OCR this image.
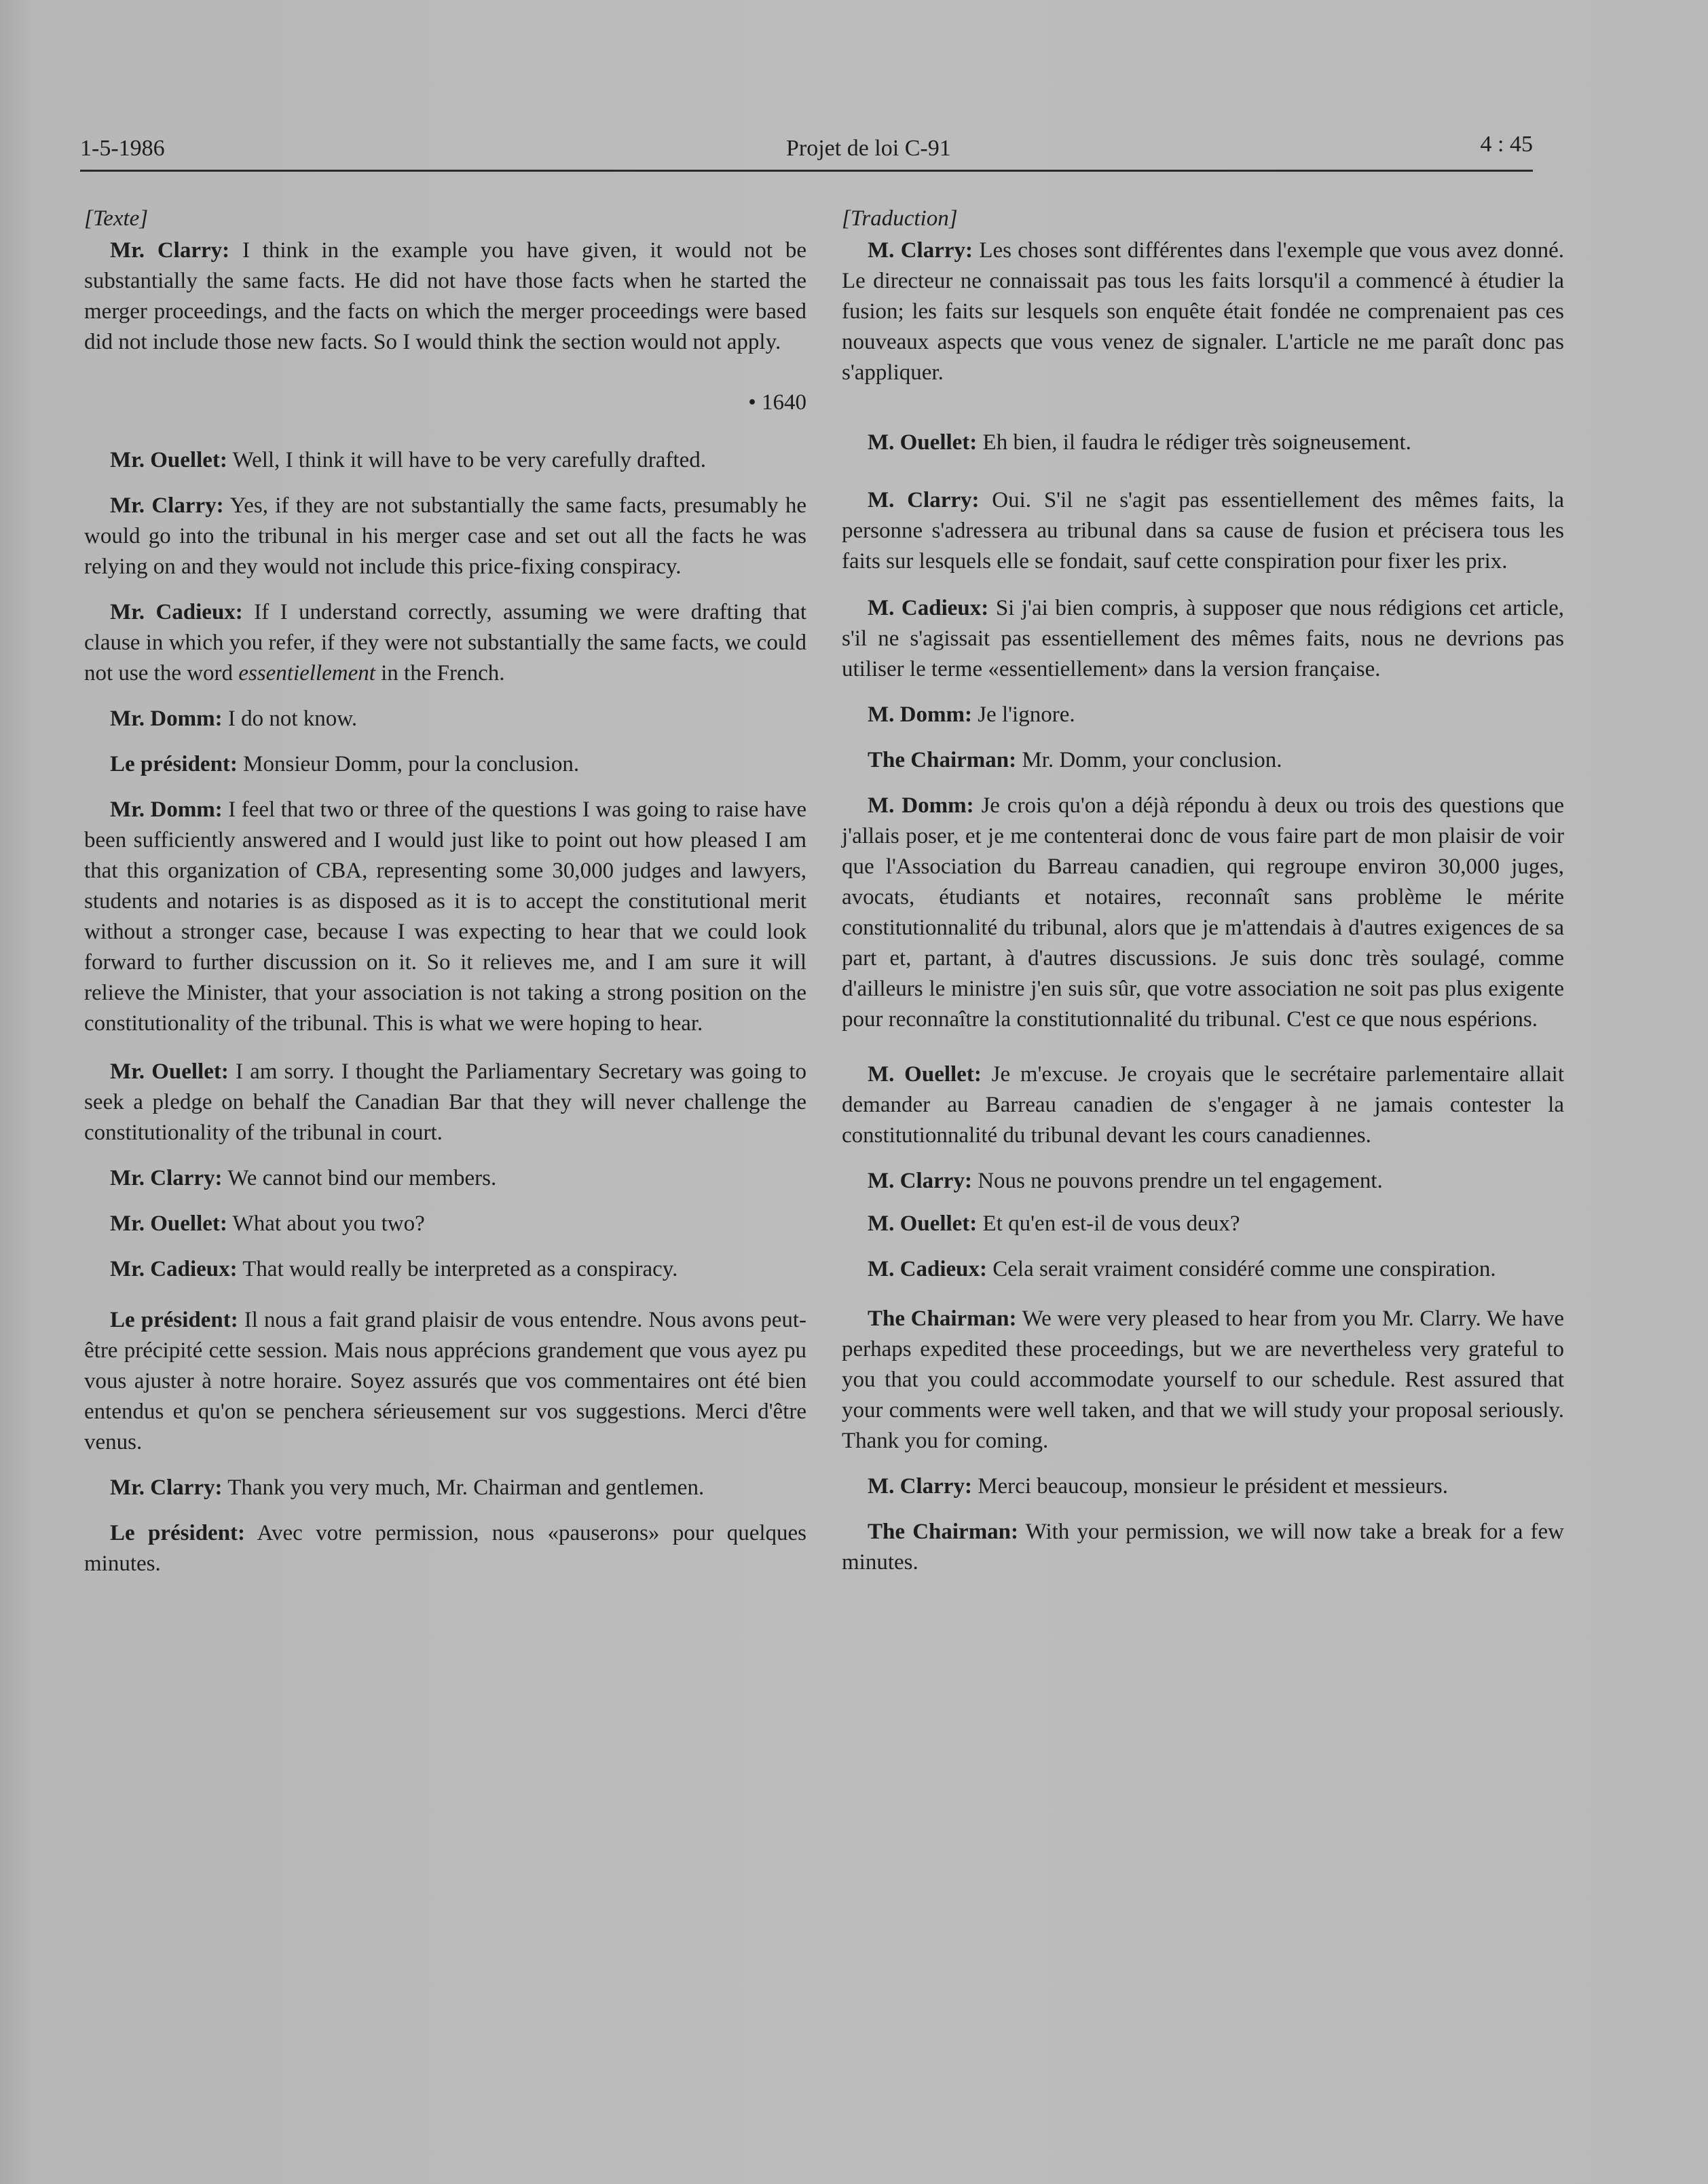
1-5-1986	Projet de loi C-91	4 : 45
[Texte]

Mr. Clarry: I think in the example you have given, it would not be substantially the same facts. He did not have those facts when he started the merger proceedings, and the facts on which the merger proceedings were based did not include those new facts. So I would think the section would not apply.

• 1640

Mr. Ouellet: Well, I think it will have to be very carefully drafted.

Mr. Clarry: Yes, if they are not substantially the same facts, presumably he would go into the tribunal in his merger case and set out all the facts he was relying on and they would not include this price-fixing conspiracy.

Mr. Cadieux: If I understand correctly, assuming we were drafting that clause in which you refer, if they were not substantially the same facts, we could not use the word essentiellement in the French.

Mr. Domm: I do not know.

Le président: Monsieur Domm, pour la conclusion.

Mr. Domm: I feel that two or three of the questions I was going to raise have been sufficiently answered and I would just like to point out how pleased I am that this organization of CBA, representing some 30,000 judges and lawyers, students and notaries is as disposed as it is to accept the constitutional merit without a stronger case, because I was expecting to hear that we could look forward to further discussion on it. So it relieves me, and I am sure it will relieve the Minister, that your association is not taking a strong position on the constitutionality of the tribunal. This is what we were hoping to hear.

Mr. Ouellet: I am sorry. I thought the Parliamentary Secretary was going to seek a pledge on behalf the Canadian Bar that they will never challenge the constitutionality of the tribunal in court.

Mr. Clarry: We cannot bind our members.

Mr. Ouellet: What about you two?

Mr. Cadieux: That would really be interpreted as a conspiracy.

Le président: Il nous a fait grand plaisir de vous entendre. Nous avons peut-être précipité cette session. Mais nous apprécions grandement que vous ayez pu vous ajuster à notre horaire. Soyez assurés que vos commentaires ont été bien entendus et qu'on se penchera sérieusement sur vos suggestions. Merci d'être venus.

Mr. Clarry: Thank you very much, Mr. Chairman and gentlemen.

Le président: Avec votre permission, nous «pauserons» pour quelques minutes.

[Traduction]

M. Clarry: Les choses sont différentes dans l'exemple que vous avez donné. Le directeur ne connaissait pas tous les faits lorsqu'il a commencé à étudier la fusion; les faits sur lesquels son enquête était fondée ne comprenaient pas ces nouveaux aspects que vous venez de signaler. L'article ne me paraît donc pas s'appliquer.

M. Ouellet: Eh bien, il faudra le rédiger très soigneusement.

M. Clarry: Oui. S'il ne s'agit pas essentiellement des mêmes faits, la personne s'adressera au tribunal dans sa cause de fusion et précisera tous les faits sur lesquels elle se fondait, sauf cette conspiration pour fixer les prix.

M. Cadieux: Si j'ai bien compris, à supposer que nous rédigions cet article, s'il ne s'agissait pas essentiellement des mêmes faits, nous ne devrions pas utiliser le terme «essentiellement» dans la version française.

M. Domm: Je l'ignore.

The Chairman: Mr. Domm, your conclusion.

M. Domm: Je crois qu'on a déjà répondu à deux ou trois des questions que j'allais poser, et je me contenterai donc de vous faire part de mon plaisir de voir que l'Association du Barreau canadien, qui regroupe environ 30,000 juges, avocats, étudiants et notaires, reconnaît sans problème le mérite constitutionnalité du tribunal, alors que je m'attendais à d'autres exigences de sa part et, partant, à d'autres discussions. Je suis donc très soulagé, comme d'ailleurs le ministre j'en suis sûr, que votre association ne soit pas plus exigente pour reconnaître la constitutionnalité du tribunal. C'est ce que nous espérions.

M. Ouellet: Je m'excuse. Je croyais que le secrétaire parlementaire allait demander au Barreau canadien de s'engager à ne jamais contester la constitutionnalité du tribunal devant les cours canadiennes.

M. Clarry: Nous ne pouvons prendre un tel engagement.

M. Ouellet: Et qu'en est-il de vous deux?

M. Cadieux: Cela serait vraiment considéré comme une conspiration.

The Chairman: We were very pleased to hear from you Mr. Clarry. We have perhaps expedited these proceedings, but we are nevertheless very grateful to you that you could accommodate yourself to our schedule. Rest assured that your comments were well taken, and that we will study your proposal seriously. Thank you for coming.

M. Clarry: Merci beaucoup, monsieur le président et messieurs.

The Chairman: With your permission, we will now take a break for a few minutes.
